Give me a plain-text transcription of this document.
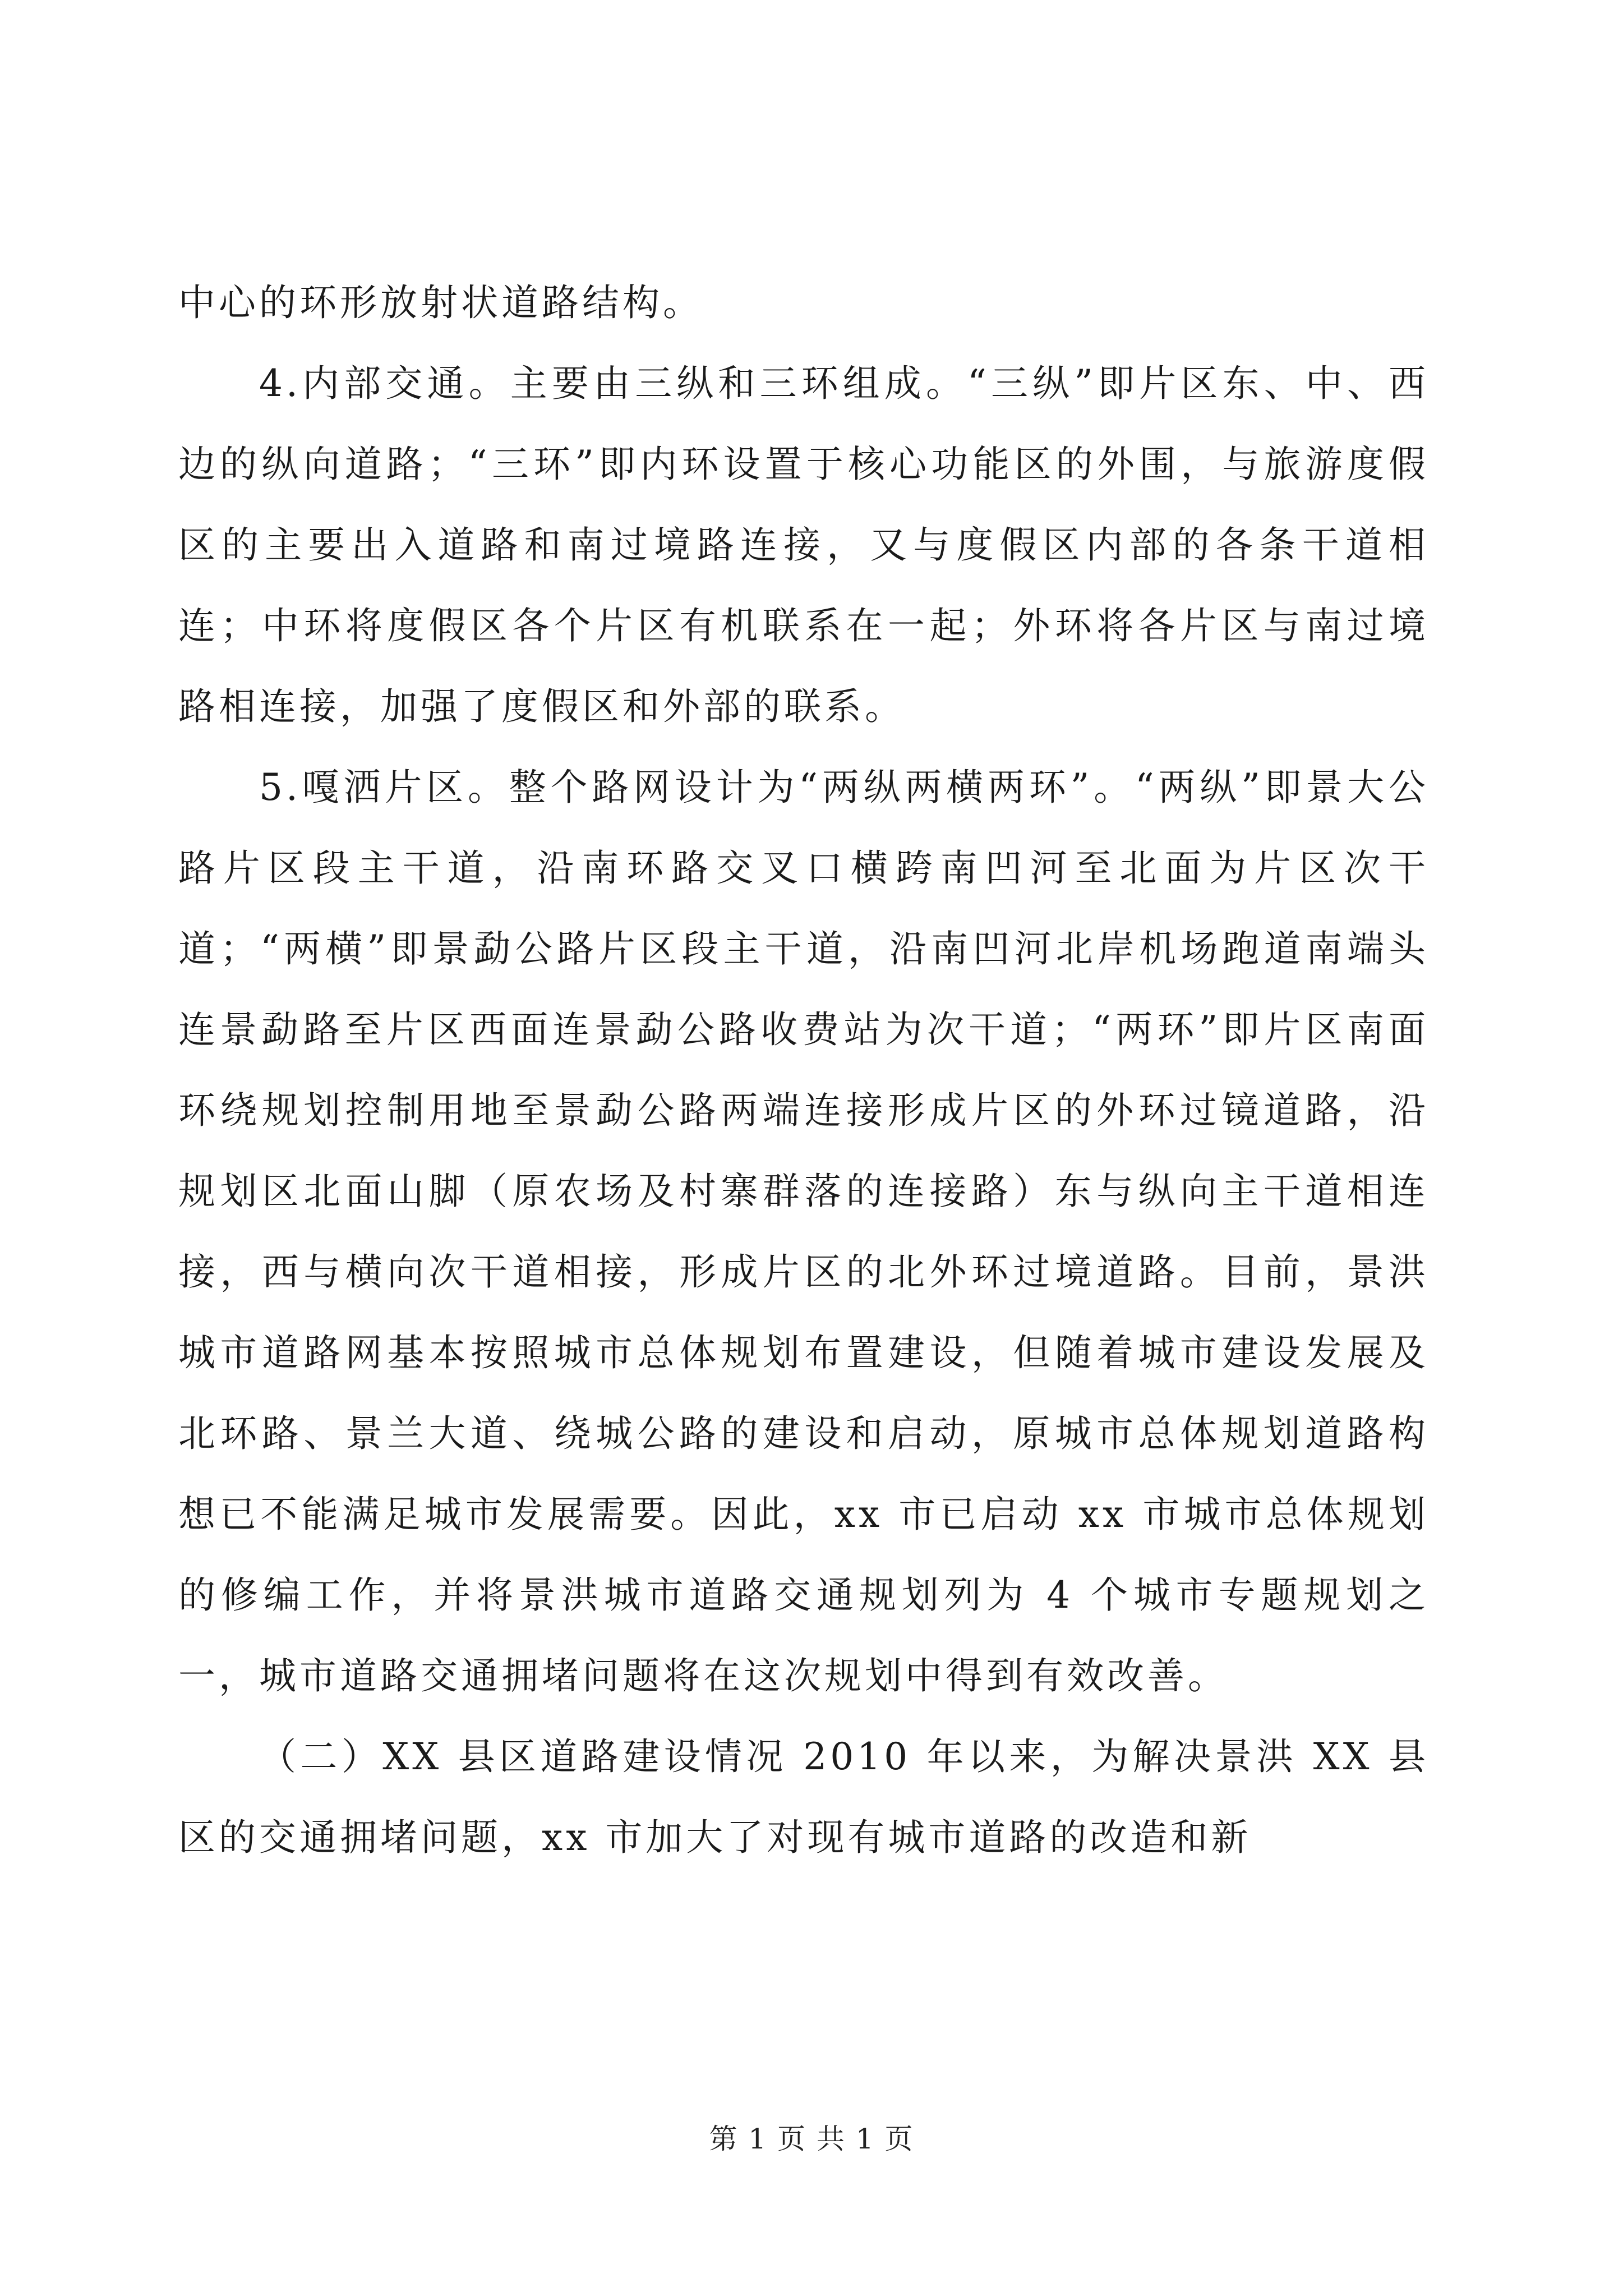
中心的环形放射状道路结构。

4.内部交通。主要由三纵和三环组成。“三纵”即片区东、中、西边的纵向道路；“三环”即内环设置于核心功能区的外围，与旅游度假区的主要出入道路和南过境路连接，又与度假区内部的各条干道相连；中环将度假区各个片区有机联系在一起；外环将各片区与南过境路相连接，加强了度假区和外部的联系。

5.嘎洒片区。整个路网设计为“两纵两横两环”。“两纵”即景大公路片区段主干道，沿南环路交叉口横跨南凹河至北面为片区次干道；“两横”即景勐公路片区段主干道，沿南凹河北岸机场跑道南端头连景勐路至片区西面连景勐公路收费站为次干道；“两环”即片区南面环绕规划控制用地至景勐公路两端连接形成片区的外环过镜道路，沿规划区北面山脚（原农场及村寨群落的连接路）东与纵向主干道相连接，西与横向次干道相接，形成片区的北外环过境道路。目前，景洪城市道路网基本按照城市总体规划布置建设，但随着城市建设发展及北环路、景兰大道、绕城公路的建设和启动，原城市总体规划道路构想已不能满足城市发展需要。因此，xx 市已启动 xx 市城市总体规划的修编工作，并将景洪城市道路交通规划列为 4 个城市专题规划之一，城市道路交通拥堵问题将在这次规划中得到有效改善。

（二）XX 县区道路建设情况 2010 年以来，为解决景洪 XX 县区的交通拥堵问题，xx 市加大了对现有城市道路的改造和新

第 1 页 共 1 页
